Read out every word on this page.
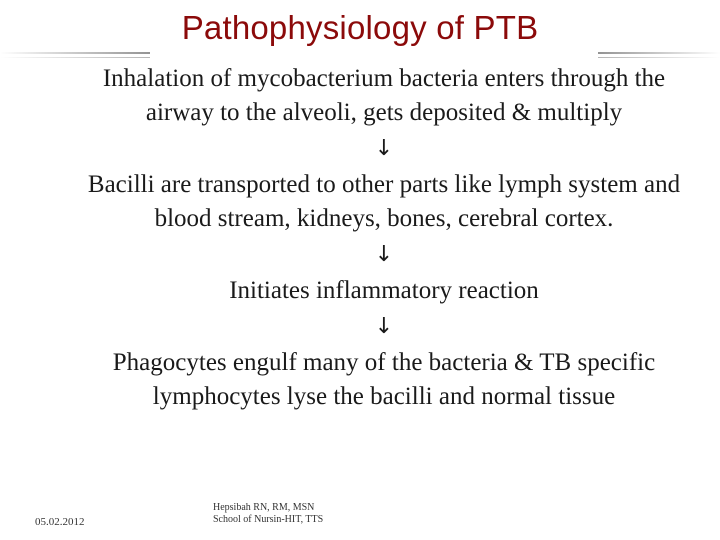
Pathophysiology of PTB

Inhalation of mycobacterium bacteria enters through the airway to the alveoli, gets deposited & multiply

↓

Bacilli are transported to other parts like lymph system and blood stream, kidneys, bones, cerebral cortex.

↓

Initiates inflammatory reaction

↓

Phagocytes engulf many of the bacteria & TB specific lymphocytes lyse the bacilli and normal tissue

05.02.2012
Hepsibah RN, RM, MSN
School of Nursin-HIT, TTS
